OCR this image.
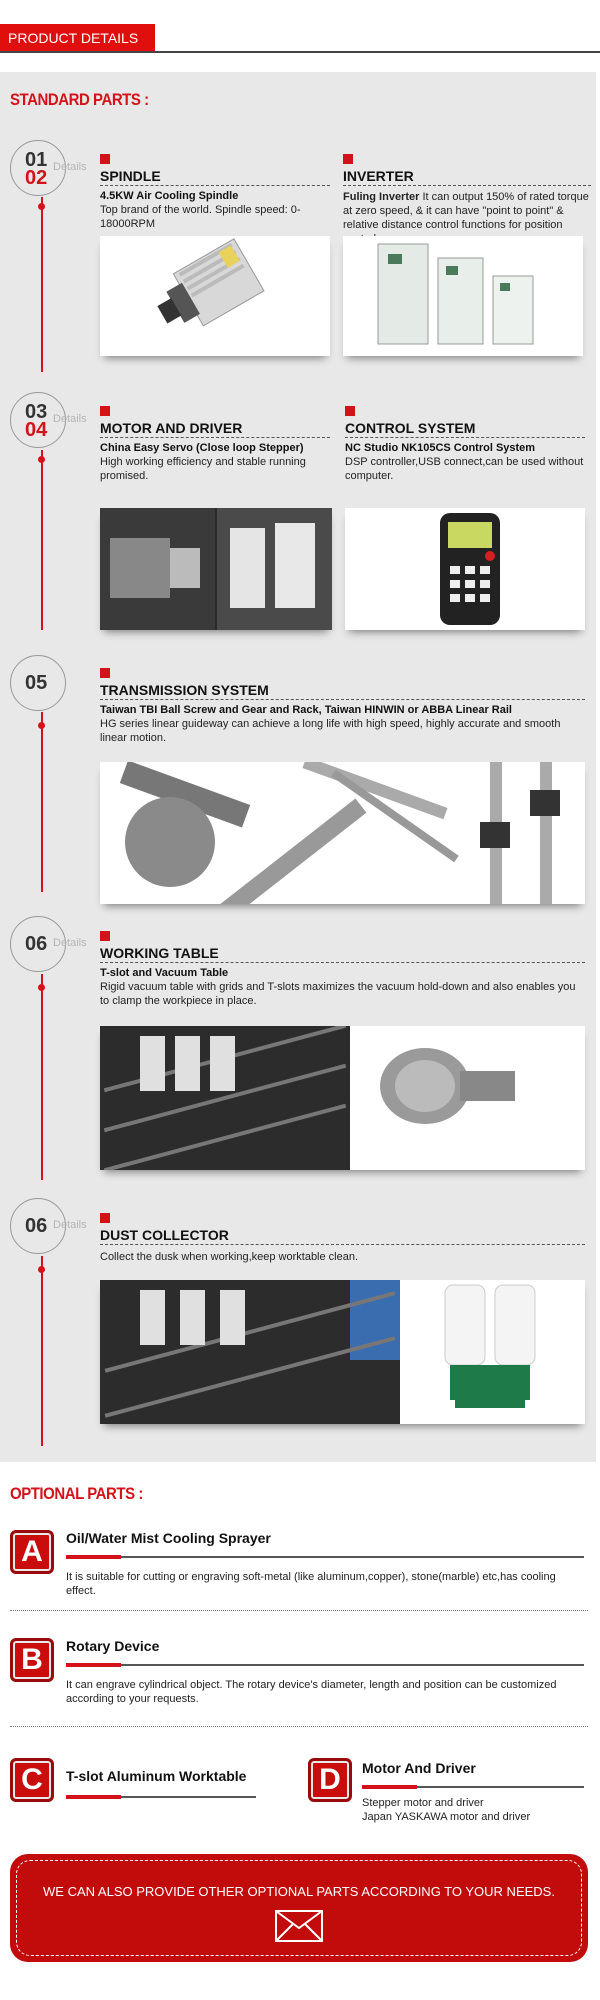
PRODUCT DETAILS
STANDARD PARTS :
01
02 Details
SPINDLE
4.5KW Air Cooling Spindle
Top brand of the world. Spindle speed: 0-18000RPM
INVERTER
Fuling Inverter It can output 150% of rated torque at zero speed, & it can have "point to point" & relative distance control functions for position
03
04 Details
MOTOR AND DRIVER
China Easy Servo (Close loop Stepper)
High working efficiency and stable running promised.
CONTROL SYSTEM
NC Studio NK105CS Control System
DSP controller,USB connect,can be used without computer.
05	TRANSMISSION SYSTEM
Taiwan TBI Ball Screw and Gear and Rack, Taiwan HINWIN or ABBA Linear Rail
HG series linear guideway can achieve a long life with high speed, highly accurate and smooth linear motion.
06 Details
WORKING TABLE
T-slot and Vacuum Table
Rigid vacuum table with grids and T-slots maximizes the vacuum hold-down and also enables you to clamp the workpiece in place.
06 Details
DUST COLLECTOR
Collect the dusk when working,keep worktable clean.
OPTIONAL PARTS :
A	Oil/Water Mist Cooling Sprayer
It is suitable for cutting or engraving soft-metal (like aluminum,copper), stone(marble) etc,has cooling effect.
B	Rotary Device
It can engrave cylindrical object. The rotary device's diameter, length and position can be customized according to your requests.
C	T-slot Aluminum Worktable	D	Motor And Driver
Stepper motor and driver
Japan YASKAWA motor and driver
WE CAN ALSO PROVIDE OTHER OPTIONAL PARTS ACCORDING TO YOUR NEEDS.
